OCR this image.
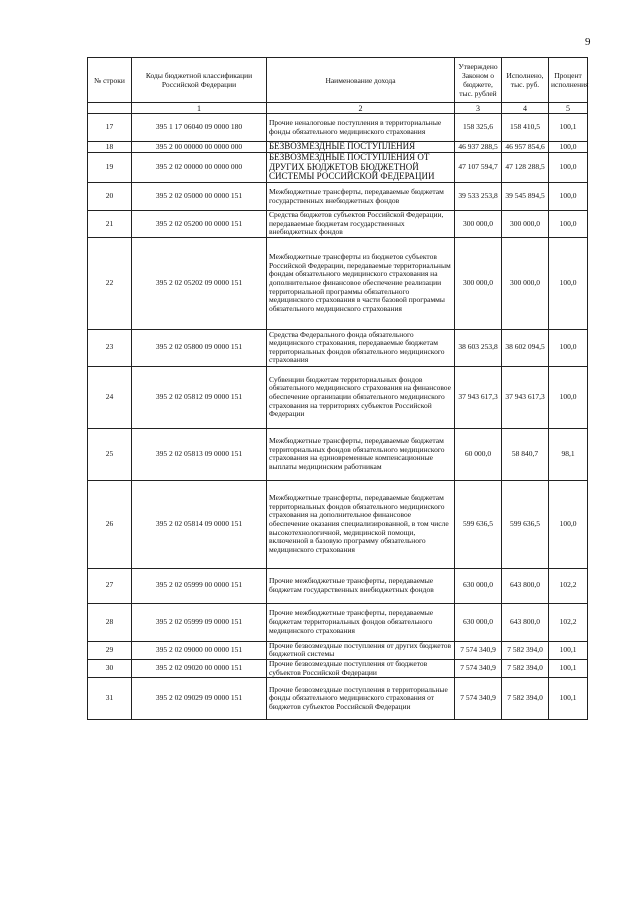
9
№ строки	Коды бюджетной классификации Российской Федерации	Наименование дохода	Утверждено Законом о бюджете, тыс. рублей	Исполнено, тыс. руб.	Процент исполнения
	1	2	3	4	5
17	395 1 17 06040 09 0000 180	Прочие неналоговые поступления в территориальные фонды обязательного медицинского страхования	158 325,6	158 410,5	100,1
18	395 2 00 00000 00 0000 000	БЕЗВОЗМЕЗДНЫЕ ПОСТУПЛЕНИЯ	46 937 288,5	46 957 854,6	100,0
19	395 2 02 00000 00 0000 000	БЕЗВОЗМЕЗДНЫЕ ПОСТУПЛЕНИЯ ОТ ДРУГИХ БЮДЖЕТОВ БЮДЖЕТНОЙ СИСТЕМЫ РОССИЙСКОЙ ФЕДЕРАЦИИ	47 107 594,7	47 128 288,5	100,0
20	395 2 02 05000 00 0000 151	Межбюджетные трансферты, передаваемые бюджетам государственных внебюджетных фондов	39 533 253,8	39 545 894,5	100,0
21	395 2 02 05200 00 0000 151	Средства бюджетов субъектов Российской Федерации, передаваемые бюджетам государственных внебюджетных фондов	300 000,0	300 000,0	100,0
22	395 2 02 05202 09 0000 151	Межбюджетные трансферты из бюджетов субъектов Российской Федерации, передаваемые территориальным фондам обязательного медицинского страхования на дополнительное финансовое обеспечение реализации территориальной программы обязательного медицинского страхования в части базовой программы обязательного медицинского страхования	300 000,0	300 000,0	100,0
23	395 2 02 05800 09 0000 151	Средства Федерального фонда обязательного медицинского страхования, передаваемые бюджетам территориальных фондов обязательного медицинского страхования	38 603 253,8	38 602 094,5	100,0
24	395 2 02 05812 09 0000 151	Субвенции бюджетам территориальных фондов обязательного медицинского страхования на финансовое обеспечение организации обязательного медицинского страхования на территориях субъектов Российской Федерации	37 943 617,3	37 943 617,3	100,0
25	395 2 02 05813 09 0000 151	Межбюджетные трансферты, передаваемые бюджетам территориальных фондов обязательного медицинского страхования на единовременные компенсационные выплаты медицинским работникам	60 000,0	58 840,7	98,1
26	395 2 02 05814 09 0000 151	Межбюджетные трансферты, передаваемые бюджетам территориальных фондов обязательного медицинского страхования на дополнительное финансовое обеспечение оказания специализированной, в том числе высокотехнологичной, медицинской помощи, включенной в базовую программу обязательного медицинского страхования	599 636,5	599 636,5	100,0
27	395 2 02 05999 00 0000 151	Прочие межбюджетные трансферты, передаваемые бюджетам государственных внебюджетных фондов	630 000,0	643 800,0	102,2
28	395 2 02 05999 09 0000 151	Прочие межбюджетные трансферты, передаваемые бюджетам территориальных фондов обязательного медицинского страхования	630 000,0	643 800,0	102,2
29	395 2 02 09000 00 0000 151	Прочие безвозмездные поступления от других бюджетов бюджетной системы	7 574 340,9	7 582 394,0	100,1
30	395 2 02 09020 00 0000 151	Прочие безвозмездные поступления от бюджетов субъектов Российской Федерации	7 574 340,9	7 582 394,0	100,1
31	395 2 02 09029 09 0000 151	Прочие безвозмездные поступления в территориальные фонды обязательного медицинского страхования от бюджетов субъектов Российской Федерации	7 574 340,9	7 582 394,0	100,1
